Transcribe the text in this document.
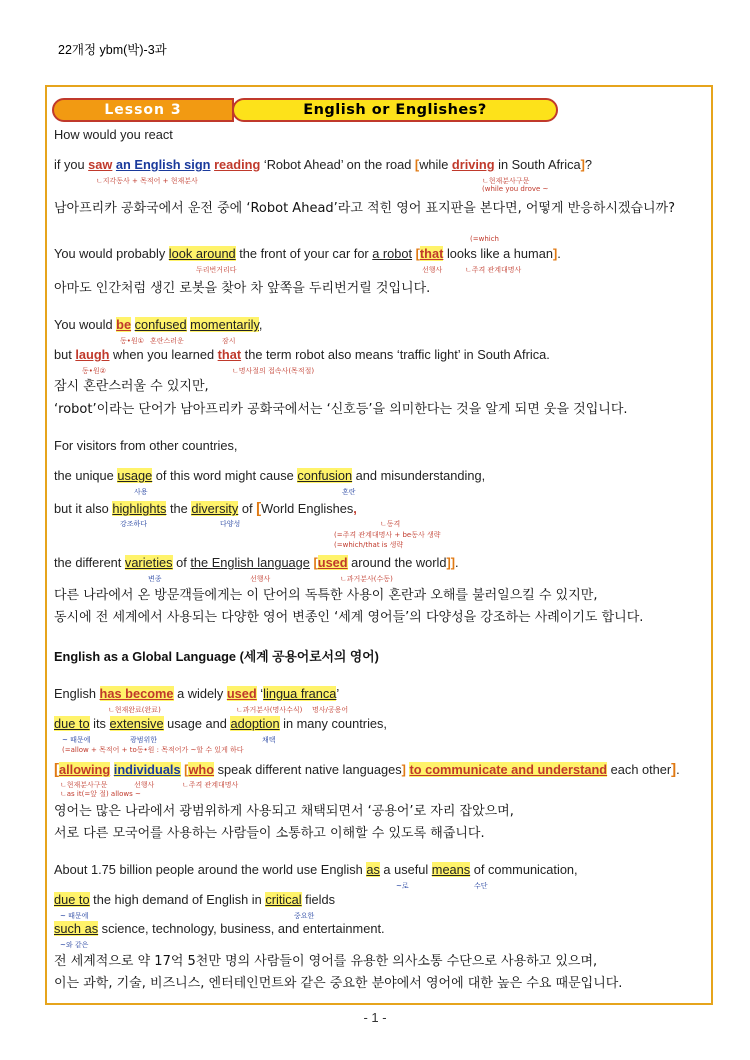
22개정 ybm(박)-3과
Lesson 3	English or Englishes?
How would you react
if you saw an English sign reading ‘Robot Ahead’ on the road [while driving in South Africa]?
ㄴ지각동사 + 목적어 + 현재분사	ㄴ현재분사구문
(while you drove ~
남아프리카 공화국에서 운전 중에 ‘Robot Ahead’라고 적힌 영어 표지판을 본다면, 어떻게 반응하시겠습니까?
(=which
You would probably look around the front of your car for a robot [that looks like a human].
두리번거리다	선행사	ㄴ주격 관계대명사
아마도 인간처럼 생긴 로봇을 찾아 차 앞쪽을 두리번거릴 것입니다.
You would be confused momentarily,
동•원① 혼란스러운	잠시
but laugh when you learned that the term robot also means ‘traffic light’ in South Africa.
동•원②	ㄴ명사절의 접속사(목적절)
잠시 혼란스러울 수 있지만,
‘robot’이라는 단어가 남아프리카 공화국에서는 ‘신호등’을 의미한다는 것을 알게 되면 웃을 것입니다.
For visitors from other countries,
the unique usage of this word might cause confusion and misunderstanding,
사용	혼란
but it also highlights the diversity of [World Englishes,
강조하다	다양성	ㄴ동격
(=주격 관계대명사 + be동사 생략
(=which/that is 생략
the different varieties of the English language [used around the world]].
변종	선행사	ㄴ과거분사(수동)
다른 나라에서 온 방문객들에게는 이 단어의 독특한 사용이 혼란과 오해를 불러일으킬 수 있지만,
동시에 전 세계에서 사용되는 다양한 영어 변종인 ‘세계 영어들’의 다양성을 강조하는 사례이기도 합니다.
English as a Global Language (세계 공용어로서의 영어)
English has become a widely used ‘lingua franca’
ㄴ현재완료(완료)	ㄴ과거분사(명사수식) 명사/공용어
due to its extensive usage and adoption in many countries,
~ 때문에	광범위한	채택
(=allow + 목적어 + to동•원 : 목적어가 ~할 수 있게 하다
[allowing individuals [who speak different native languages] to communicate and understand each other].
ㄴ현재분사구문	선행사	ㄴ주격 관계대명사
ㄴas it(=앞 절) allows ~
영어는 많은 나라에서 광범위하게 사용되고 채택되면서 ‘공용어’로 자리 잡았으며,
서로 다른 모국어를 사용하는 사람들이 소통하고 이해할 수 있도록 해줍니다.
About 1.75 billion people around the world use English as a useful means of communication,
~로	수단
due to the high demand of English in critical fields
~ 때문에	중요한
such as science, technology, business, and entertainment.
~와 같은
전 세계적으로 약 17억 5천만 명의 사람들이 영어를 유용한 의사소통 수단으로 사용하고 있으며,
이는 과학, 기술, 비즈니스, 엔터테인먼트와 같은 중요한 분야에서 영어에 대한 높은 수요 때문입니다.
- 1 -
